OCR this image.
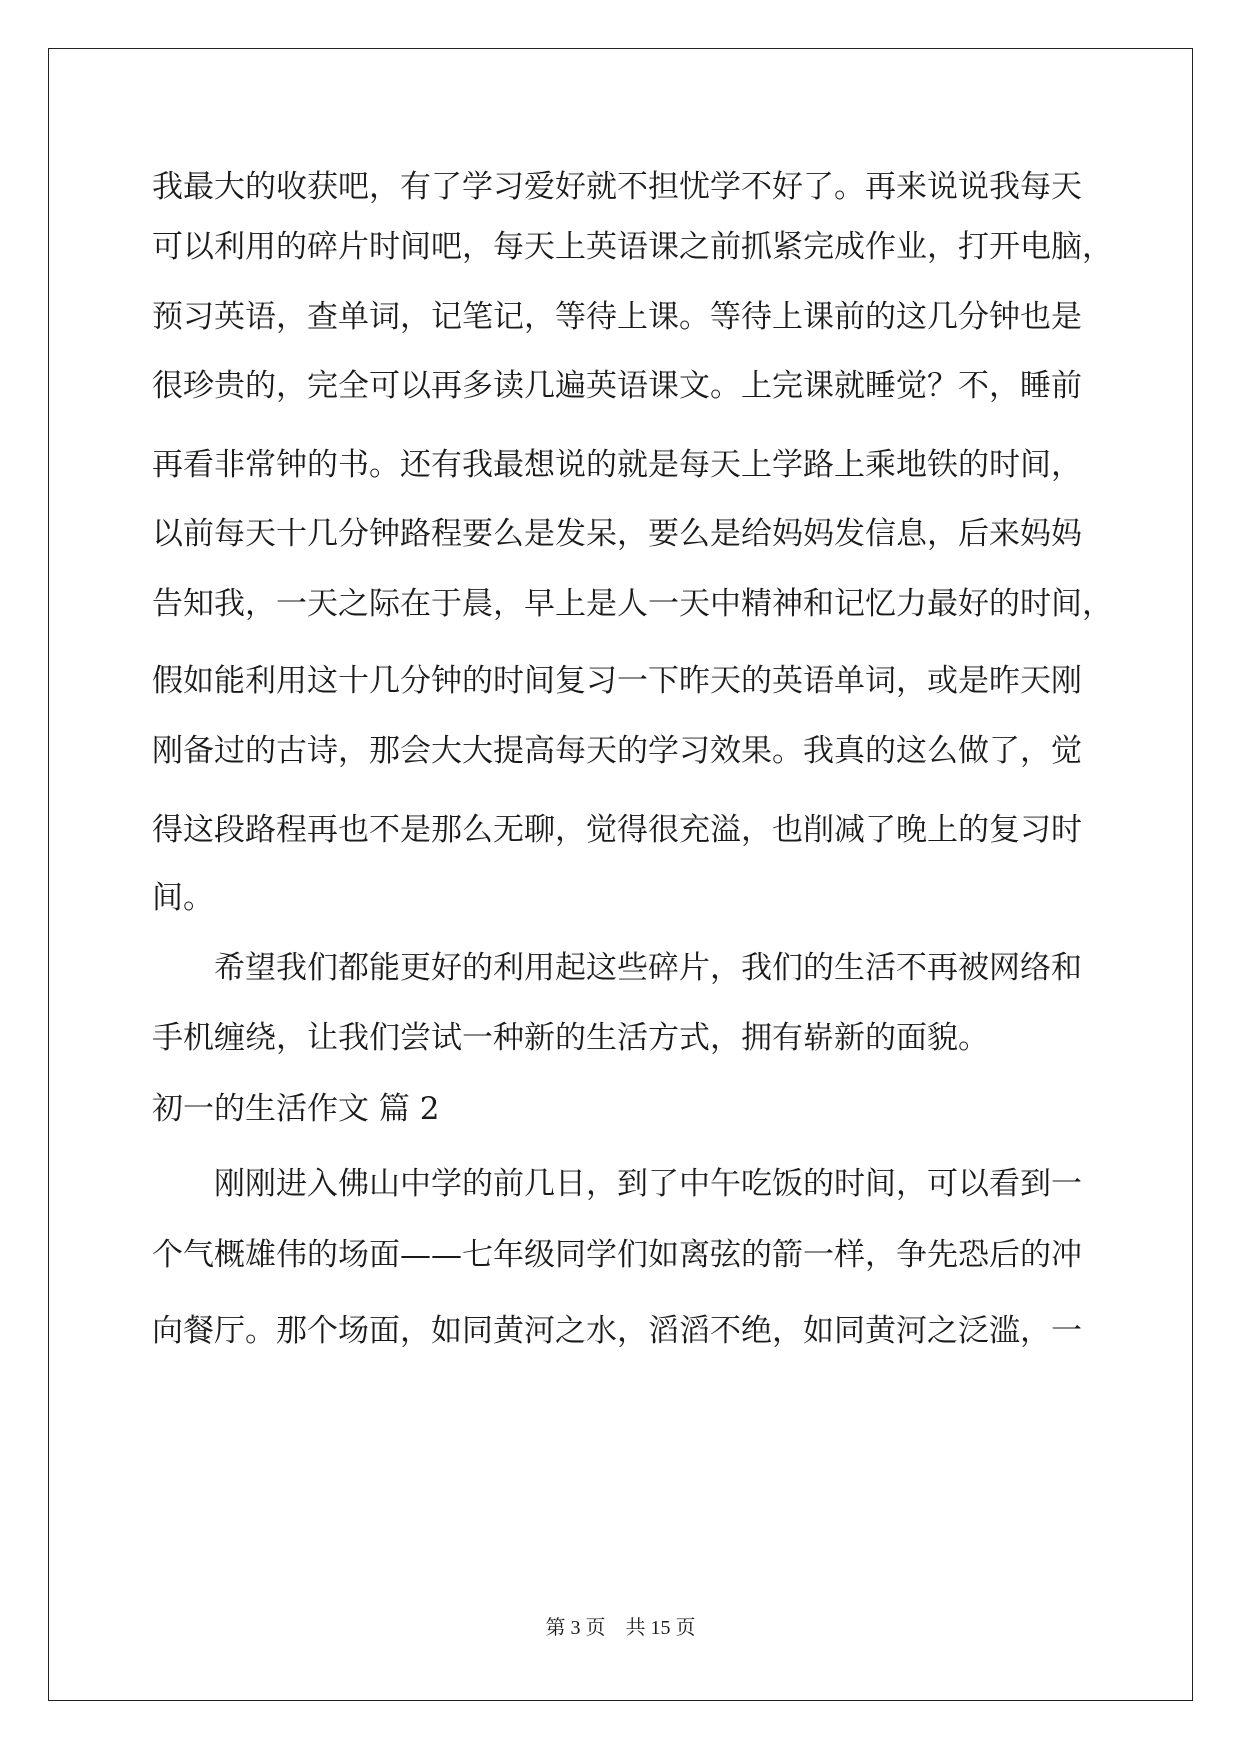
我最大的收获吧，有了学习爱好就不担忧学不好了。再来说说我每天

可以利用的碎片时间吧，每天上英语课之前抓紧完成作业，打开电脑，

预习英语，查单词，记笔记，等待上课。等待上课前的这几分钟也是

很珍贵的，完全可以再多读几遍英语课文。上完课就睡觉？不，睡前

再看非常钟的书。还有我最想说的就是每天上学路上乘地铁的时间，

以前每天十几分钟路程要么是发呆，要么是给妈妈发信息，后来妈妈

告知我，一天之际在于晨，早上是人一天中精神和记忆力最好的时间，

假如能利用这十几分钟的时间复习一下昨天的英语单词，或是昨天刚

刚备过的古诗，那会大大提高每天的学习效果。我真的这么做了，觉

得这段路程再也不是那么无聊，觉得很充溢，也削减了晚上的复习时

间。

　　希望我们都能更好的利用起这些碎片，我们的生活不再被网络和

手机缠绕，让我们尝试一种新的生活方式，拥有崭新的面貌。

初一的生活作文 篇 2

　　刚刚进入佛山中学的前几日，到了中午吃饭的时间，可以看到一

个气概雄伟的场面——七年级同学们如离弦的箭一样，争先恐后的冲

向餐厅。那个场面，如同黄河之水，滔滔不绝，如同黄河之泛滥，一

第 3 页　共 15 页
